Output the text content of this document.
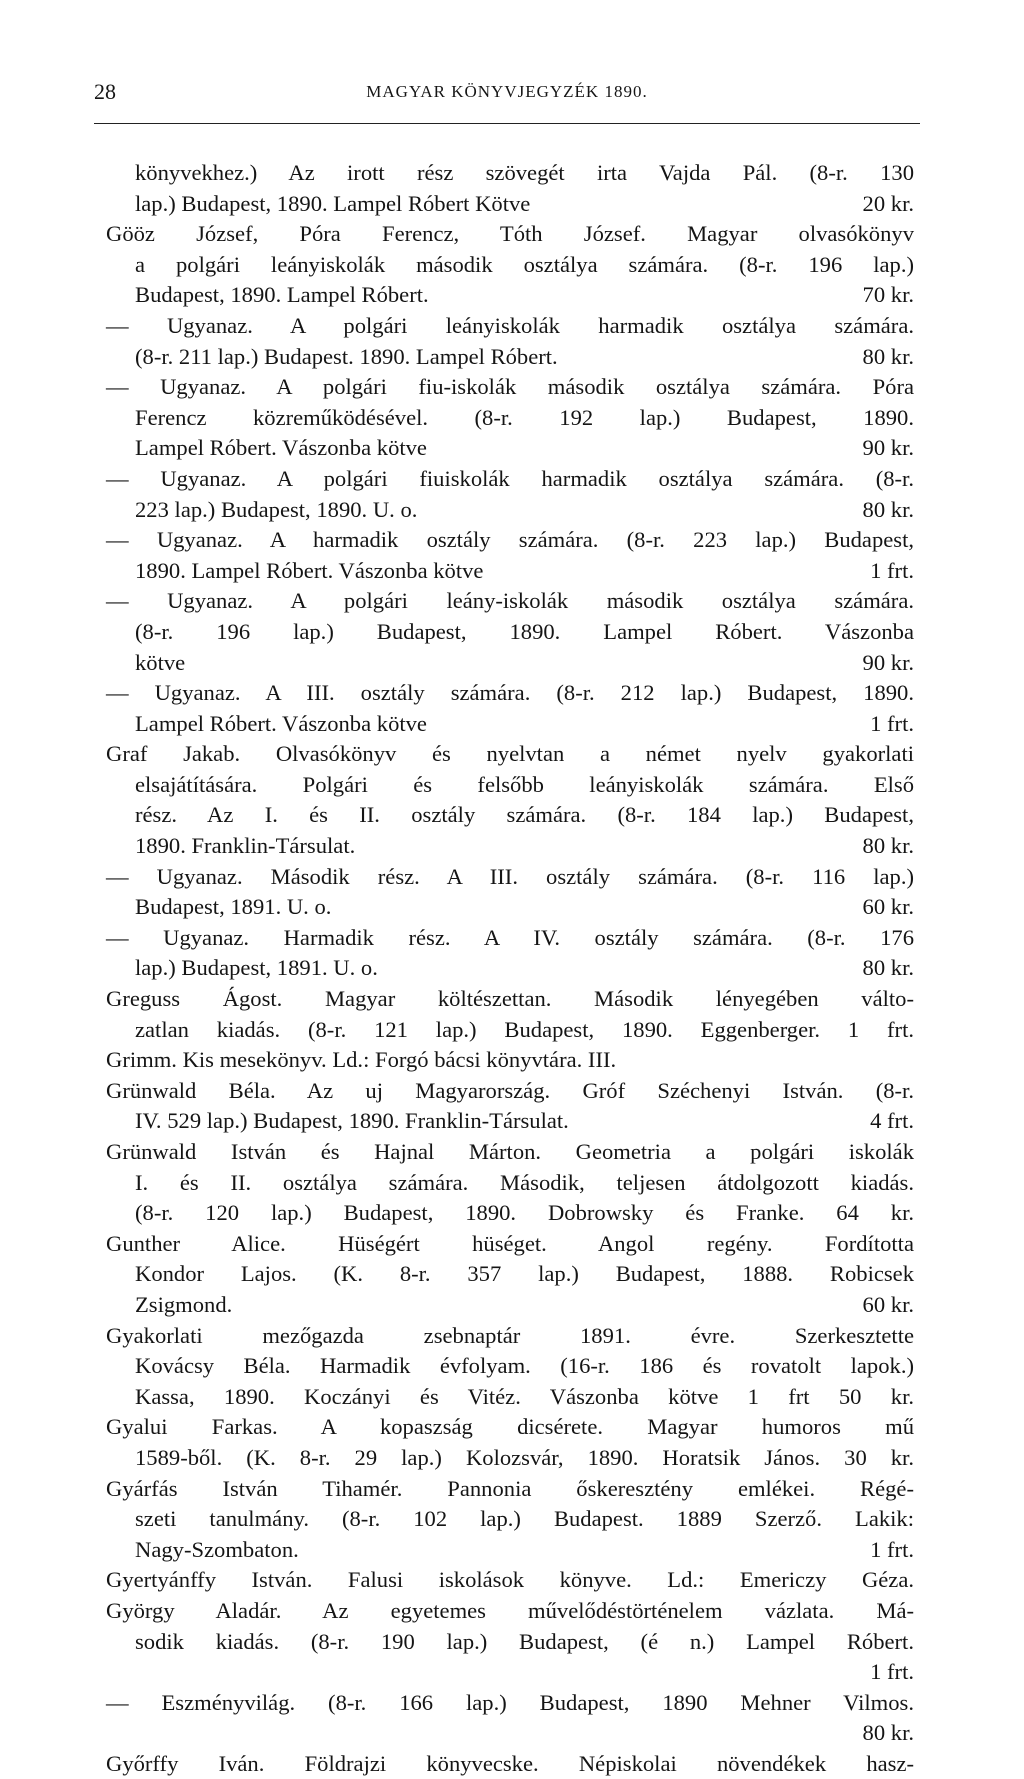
28	MAGYAR KÖNYVJEGYZÉK 1890.
könyvekhez.) Az irott rész szövegét irta Vajda Pál. (8-r. 130
lap.) Budapest, 1890. Lampel Róbert Kötve	20 kr.
Gööz József, Póra Ferencz, Tóth József. Magyar olvasókönyv
a polgári leányiskolák második osztálya számára. (8-r. 196 lap.)
Budapest, 1890. Lampel Róbert.	70 kr.
— Ugyanaz. A polgári leányiskolák harmadik osztálya számára.
(8-r. 211 lap.) Budapest. 1890. Lampel Róbert.	80 kr.
— Ugyanaz. A polgári fiu-iskolák második osztálya számára. Póra
Ferencz közreműködésével. (8-r. 192 lap.) Budapest, 1890.
Lampel Róbert. Vászonba kötve	90 kr.
— Ugyanaz. A polgári fiuiskolák harmadik osztálya számára. (8-r.
223 lap.) Budapest, 1890. U. o.	80 kr.
— Ugyanaz. A harmadik osztály számára. (8-r. 223 lap.) Budapest,
1890. Lampel Róbert. Vászonba kötve	1 frt.
— Ugyanaz. A polgári leány-iskolák második osztálya számára.
(8-r. 196 lap.) Budapest, 1890. Lampel Róbert. Vászonba
kötve	90 kr.
— Ugyanaz. A III. osztály számára. (8-r. 212 lap.) Budapest, 1890.
Lampel Róbert. Vászonba kötve	1 frt.
Graf Jakab. Olvasókönyv és nyelvtan a német nyelv gyakorlati
elsajátítására. Polgári és felsőbb leányiskolák számára. Első
rész. Az I. és II. osztály számára. (8-r. 184 lap.) Budapest,
1890. Franklin-Társulat.	80 kr.
— Ugyanaz. Második rész. A III. osztály számára. (8-r. 116 lap.)
Budapest, 1891. U. o.	60 kr.
— Ugyanaz. Harmadik rész. A IV. osztály számára. (8-r. 176
lap.) Budapest, 1891. U. o.	80 kr.
Greguss Ágost. Magyar költészettan. Második lényegében válto-
zatlan kiadás. (8-r. 121 lap.) Budapest, 1890. Eggenberger. 1 frt.
Grimm. Kis mesekönyv. Ld.: Forgó bácsi könyvtára. III.
Grünwald Béla. Az uj Magyarország. Gróf Széchenyi István. (8-r.
IV. 529 lap.) Budapest, 1890. Franklin-Társulat.	4 frt.
Grünwald István és Hajnal Márton. Geometria a polgári iskolák
I. és II. osztálya számára. Második, teljesen átdolgozott kiadás.
(8-r. 120 lap.) Budapest, 1890. Dobrowsky és Franke. 64 kr.
Gunther Alice. Hüségért hüséget. Angol regény. Fordította
Kondor Lajos. (K. 8-r. 357 lap.) Budapest, 1888. Robicsek
Zsigmond.	60 kr.
Gyakorlati mezőgazda zsebnaptár 1891. évre. Szerkesztette
Kovácsy Béla. Harmadik évfolyam. (16-r. 186 és rovatolt lapok.)
Kassa, 1890. Koczányi és Vitéz. Vászonba kötve 1 frt 50 kr.
Gyalui Farkas. A kopaszság dicsérete. Magyar humoros mű
1589-ből. (K. 8-r. 29 lap.) Kolozsvár, 1890. Horatsik János. 30 kr.
Gyárfás István Tihamér. Pannonia őskeresztény emlékei. Régé-
szeti tanulmány. (8-r. 102 lap.) Budapest. 1889 Szerző. Lakik:
Nagy-Szombaton.	1 frt.
Gyertyánffy István. Falusi iskolások könyve. Ld.: Emericzy Géza.
György Aladár. Az egyetemes művelődéstörténelem vázlata. Má-
sodik kiadás. (8-r. 190 lap.) Budapest, (é n.) Lampel Róbert.
1 frt.
— Eszményvilág. (8-r. 166 lap.) Budapest, 1890 Mehner Vilmos.
80 kr.
Győrffy Iván. Földrajzi könyvecske. Népiskolai növendékek hasz-
